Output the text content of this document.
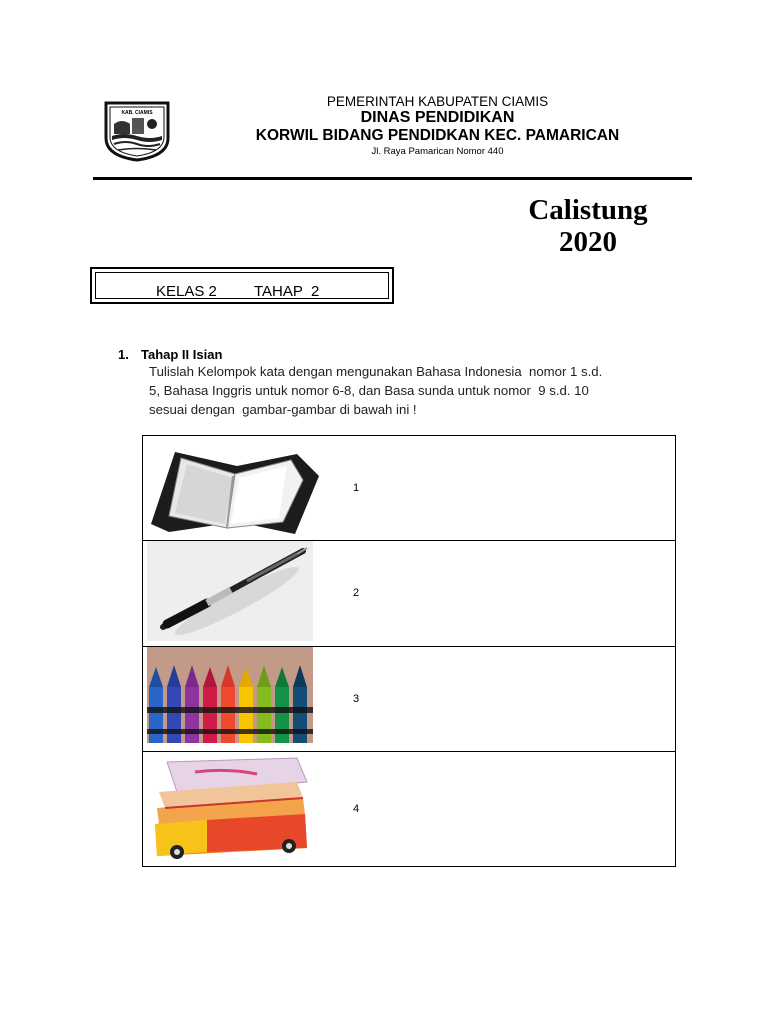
KAB. CIAMIS

PEMERINTAH KABUPATEN CIAMIS

DINAS PENDIDIKAN

KORWIL BIDANG PENDIDKAN KEC. PAMARICAN

Jl. Raya Pamarican Nomor 440

Calistung

2020

KELAS 2 TAHAP  2
1. Tahap II Isian
Tulislah Kelompok kata dengan mengunakan Bahasa Indonesia  nomor 1 s.d.
5, Bahasa Inggris untuk nomor 6-8, dan Basa sunda untuk nomor  9 s.d. 10
sesuai dengan  gambar-gambar di bawah ini !
1
2
3
4
